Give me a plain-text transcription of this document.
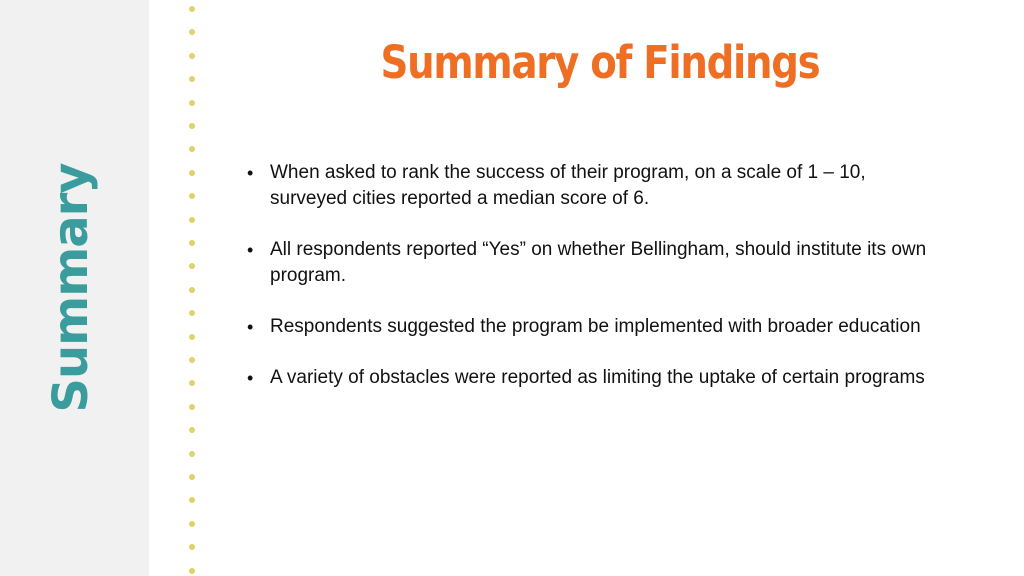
Summary
Summary of Findings
• When asked to rank the success of their program, on a scale of 1 – 10, surveyed cities reported a median score of 6.
• All respondents reported “Yes” on whether Bellingham, should institute its own program.
• Respondents suggested the program be implemented with broader education
• A variety of obstacles were reported as limiting the uptake of certain programs
